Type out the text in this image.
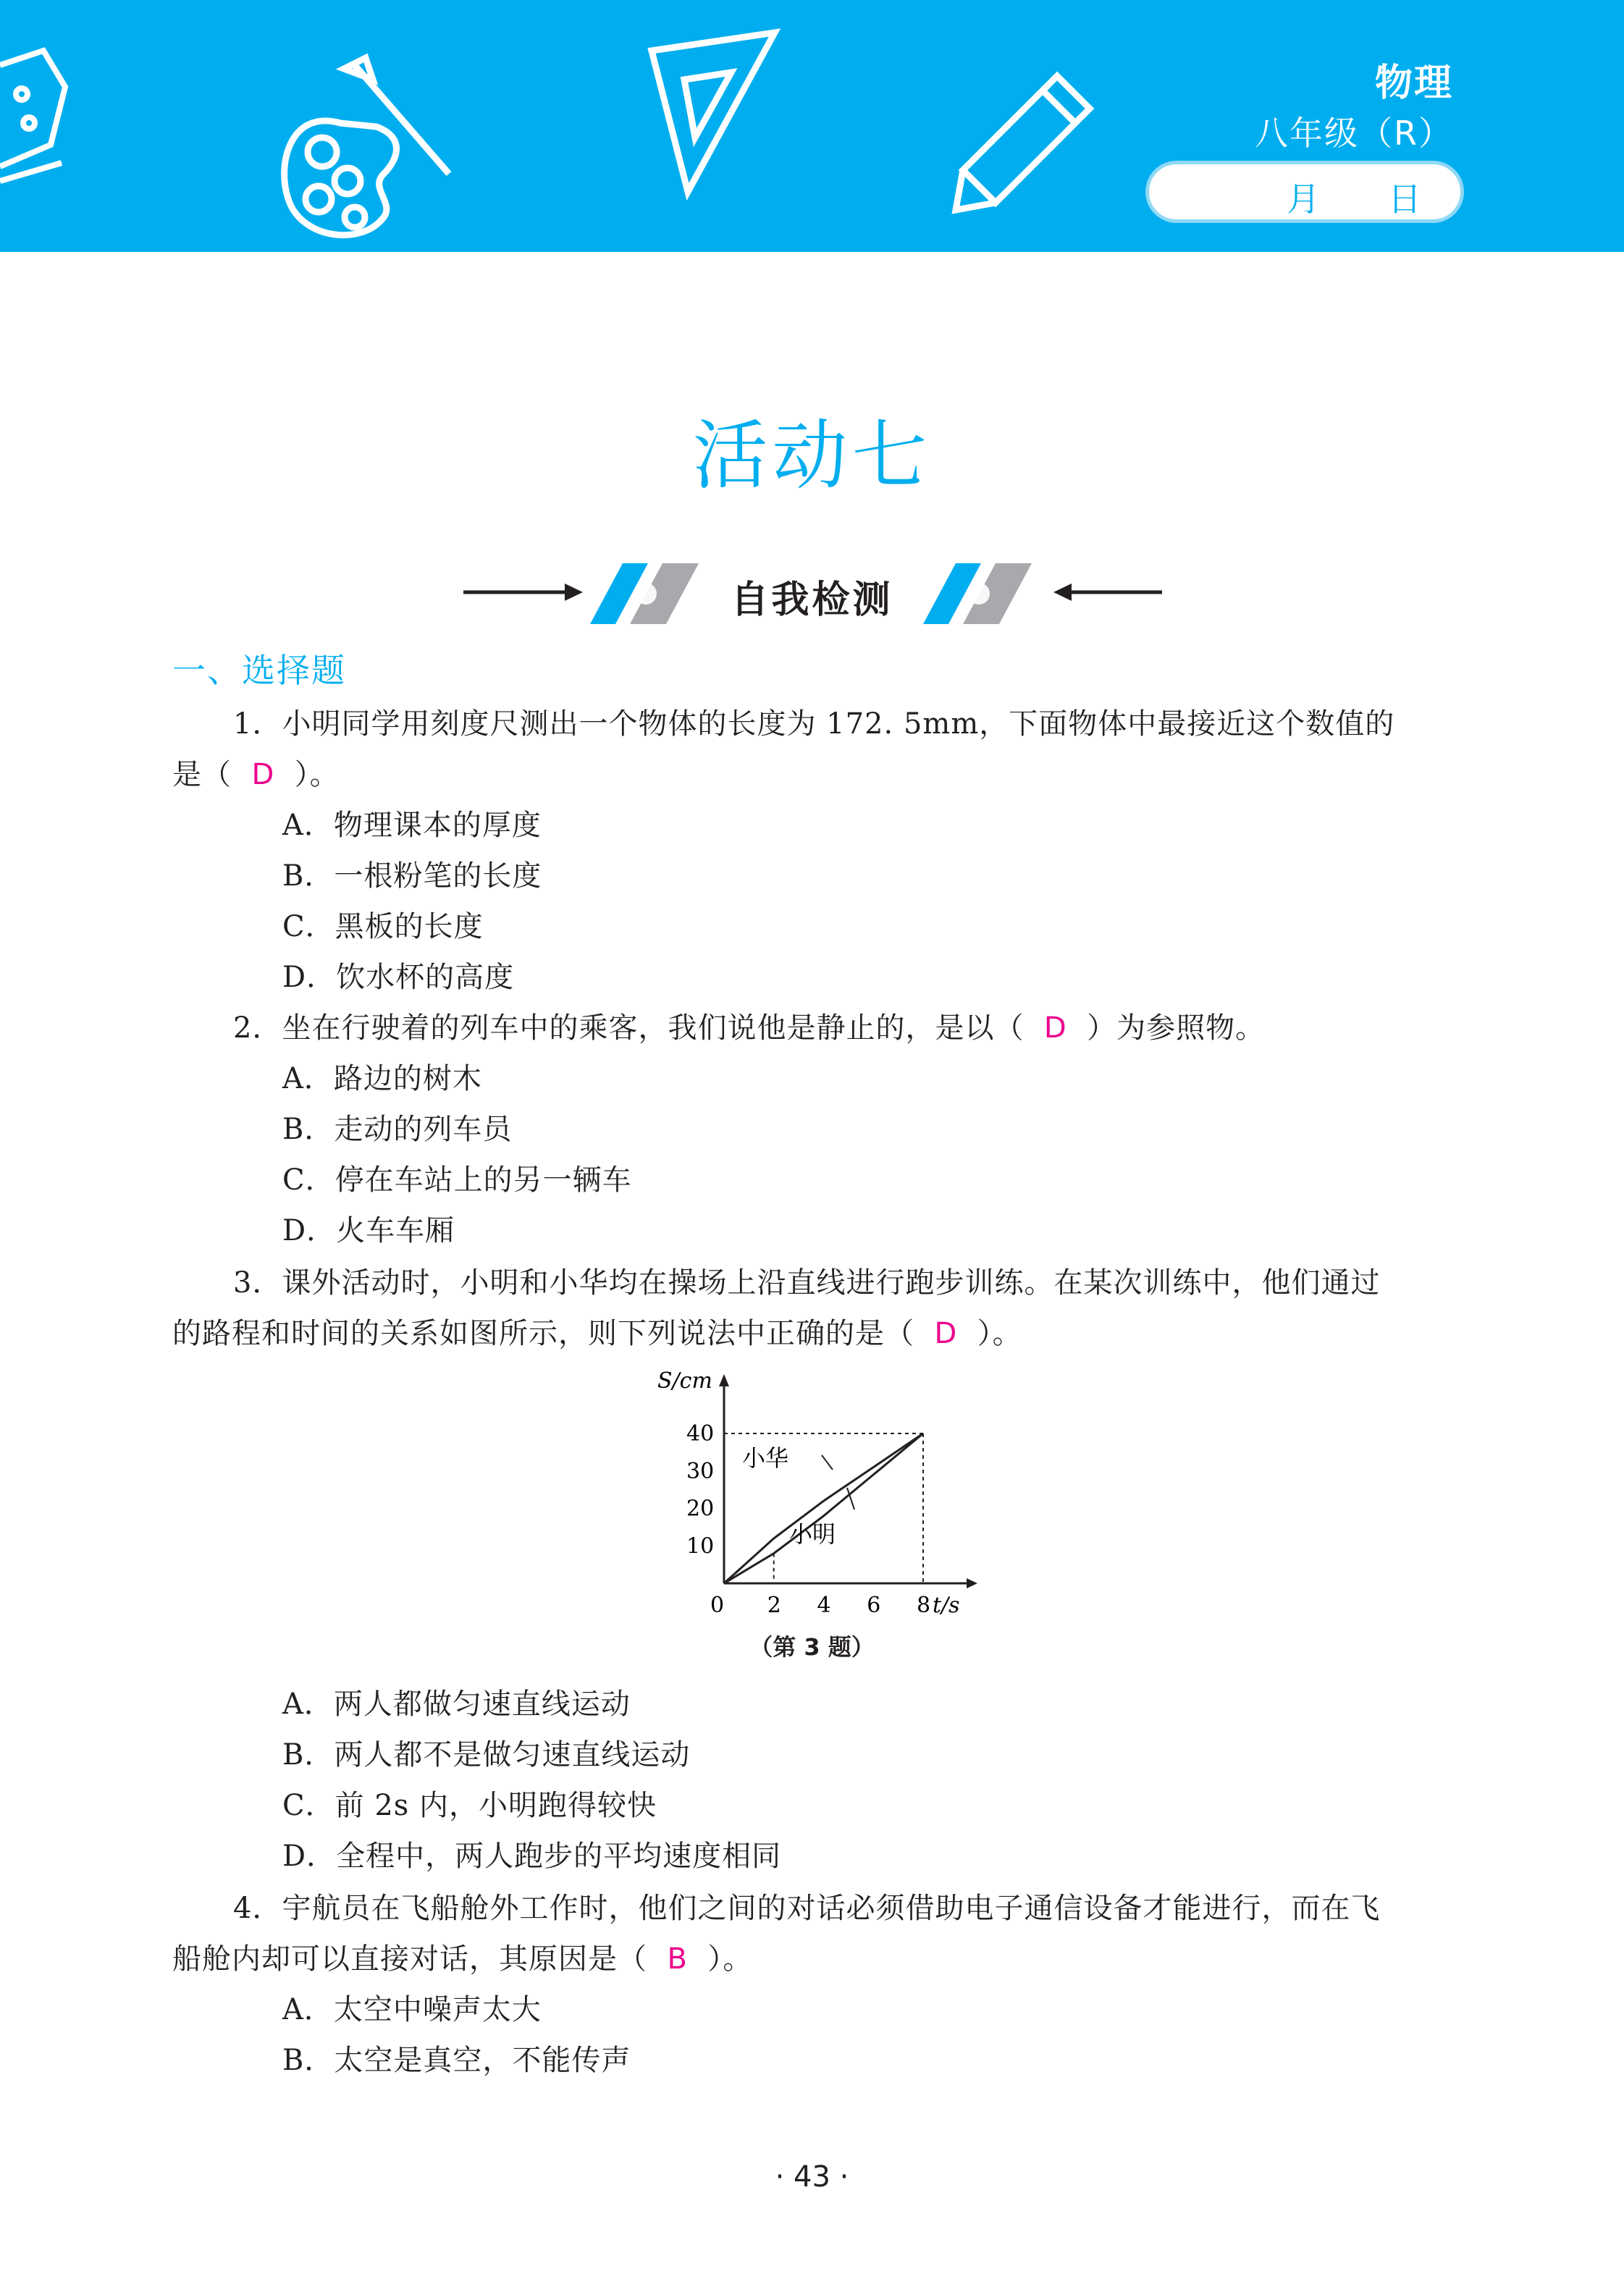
物理
八年级（R）
月 日
活动七
自我检测
一、选择题
1．小明同学用刻度尺测出一个物体的长度为 172. 5mm，下面物体中最接近这个数值的
是（ D ）。
A．物理课本的厚度
B．一根粉笔的长度
C．黑板的长度
D．饮水杯的高度
2．坐在行驶着的列车中的乘客，我们说他是静止的，是以（ D ）为参照物。
A．路边的树木
B．走动的列车员
C．停在车站上的另一辆车
D．火车车厢
3．课外活动时，小明和小华均在操场上沿直线进行跑步训练。在某次训练中，他们通过
的路程和时间的关系如图所示，则下列说法中正确的是（ D ）。
S/cm
t/s
0 2 4 6 8
10
20
30
40
小华
小明
（第 3 题）
A．两人都做匀速直线运动
B．两人都不是做匀速直线运动
C．前 2s 内，小明跑得较快
D．全程中，两人跑步的平均速度相同
4．宇航员在飞船舱外工作时，他们之间的对话必须借助电子通信设备才能进行，而在飞
船舱内却可以直接对话，其原因是（ B ）。
A．太空中噪声太大
B．太空是真空，不能传声
· 43 ·
